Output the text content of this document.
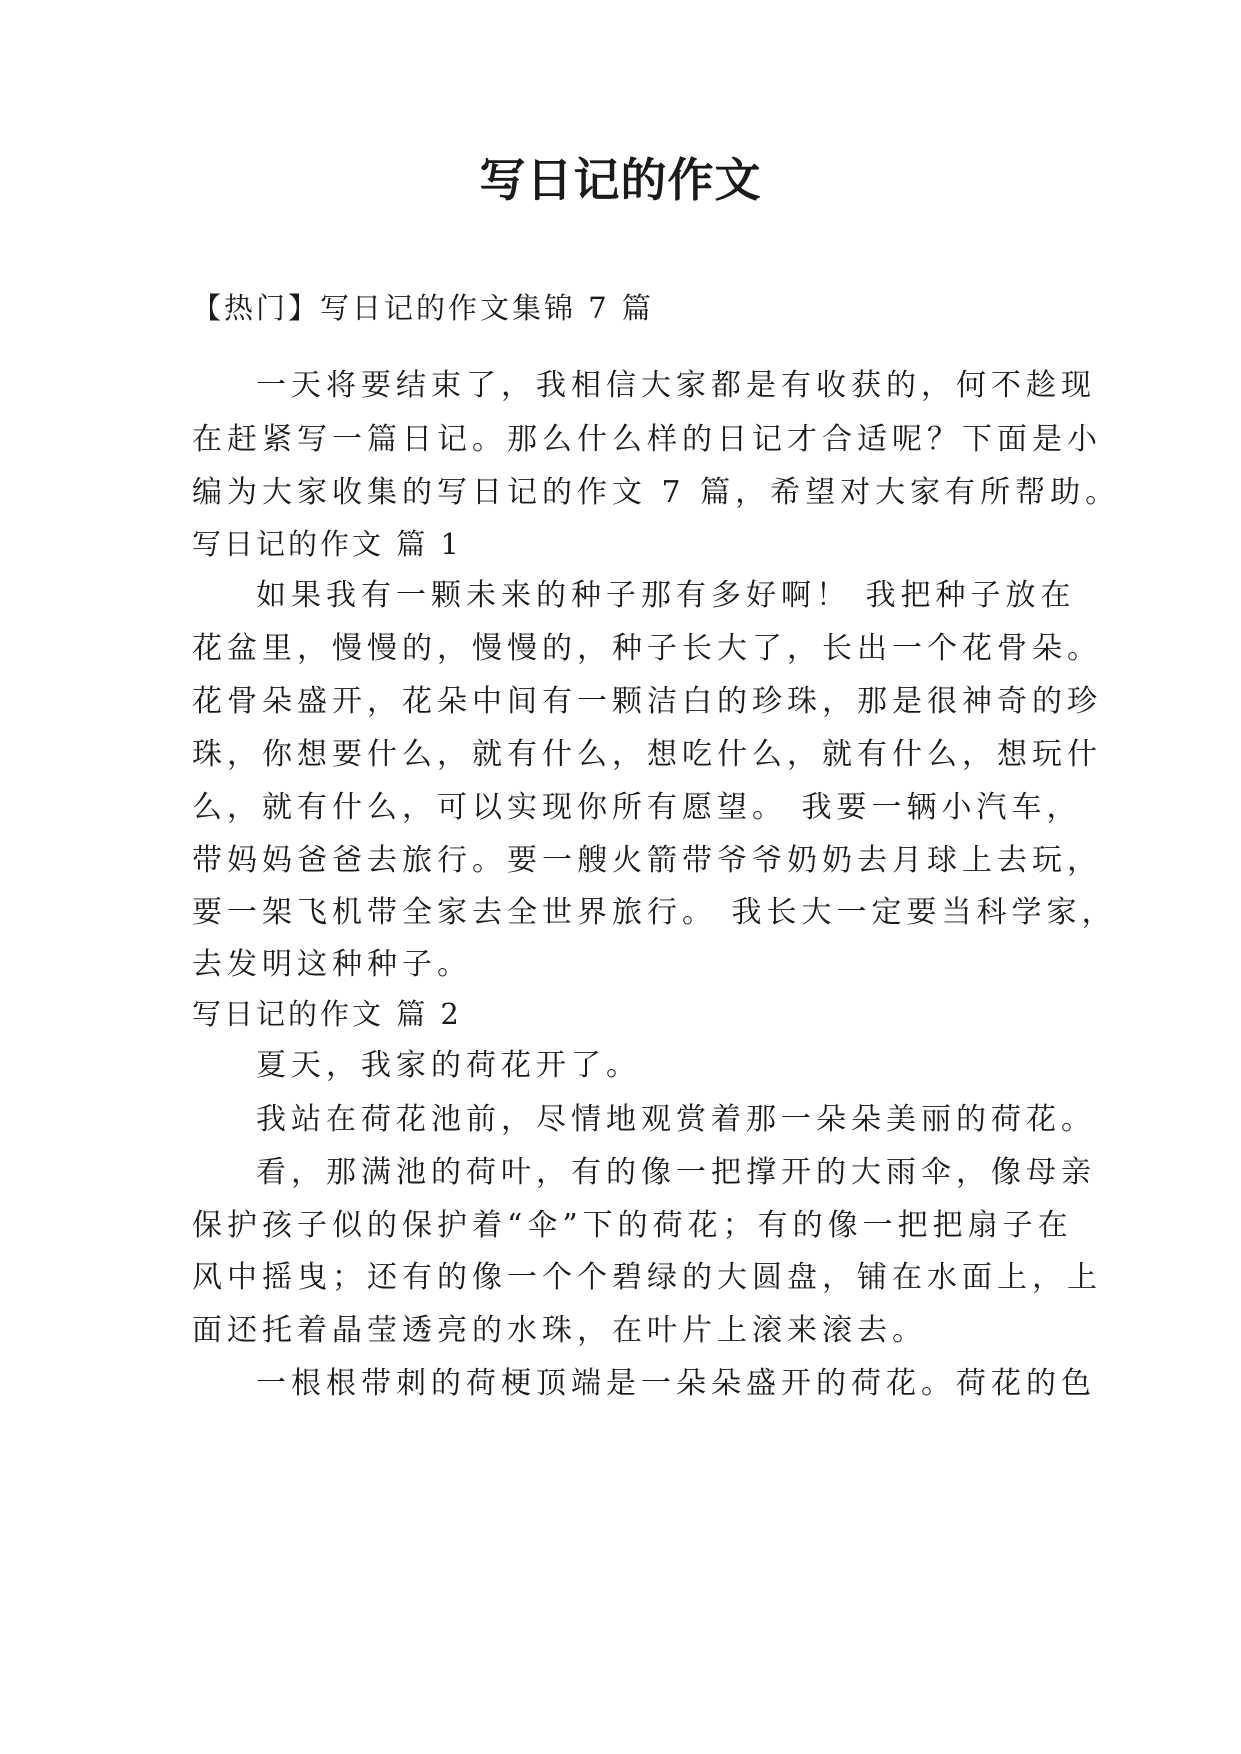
写日记的作文
【热门】写日记的作文集锦 7 篇
一天将要结束了，我相信大家都是有收获的，何不趁现
在赶紧写一篇日记。那么什么样的日记才合适呢？下面是小
编为大家收集的写日记的作文 7 篇，希望对大家有所帮助。
写日记的作文 篇 1
如果我有一颗未来的种子那有多好啊！ 我把种子放在
花盆里，慢慢的，慢慢的，种子长大了，长出一个花骨朵。
花骨朵盛开，花朵中间有一颗洁白的珍珠，那是很神奇的珍
珠，你想要什么，就有什么，想吃什么，就有什么，想玩什
么，就有什么，可以实现你所有愿望。 我要一辆小汽车，
带妈妈爸爸去旅行。要一艘火箭带爷爷奶奶去月球上去玩，
要一架飞机带全家去全世界旅行。 我长大一定要当科学家，
去发明这种种子。
写日记的作文 篇 2
夏天，我家的荷花开了。
我站在荷花池前，尽情地观赏着那一朵朵美丽的荷花。
看，那满池的荷叶，有的像一把撑开的大雨伞，像母亲
保护孩子似的保护着“伞”下的荷花；有的像一把把扇子在
风中摇曳；还有的像一个个碧绿的大圆盘，铺在水面上，上
面还托着晶莹透亮的水珠，在叶片上滚来滚去。
一根根带刺的荷梗顶端是一朵朵盛开的荷花。荷花的色
